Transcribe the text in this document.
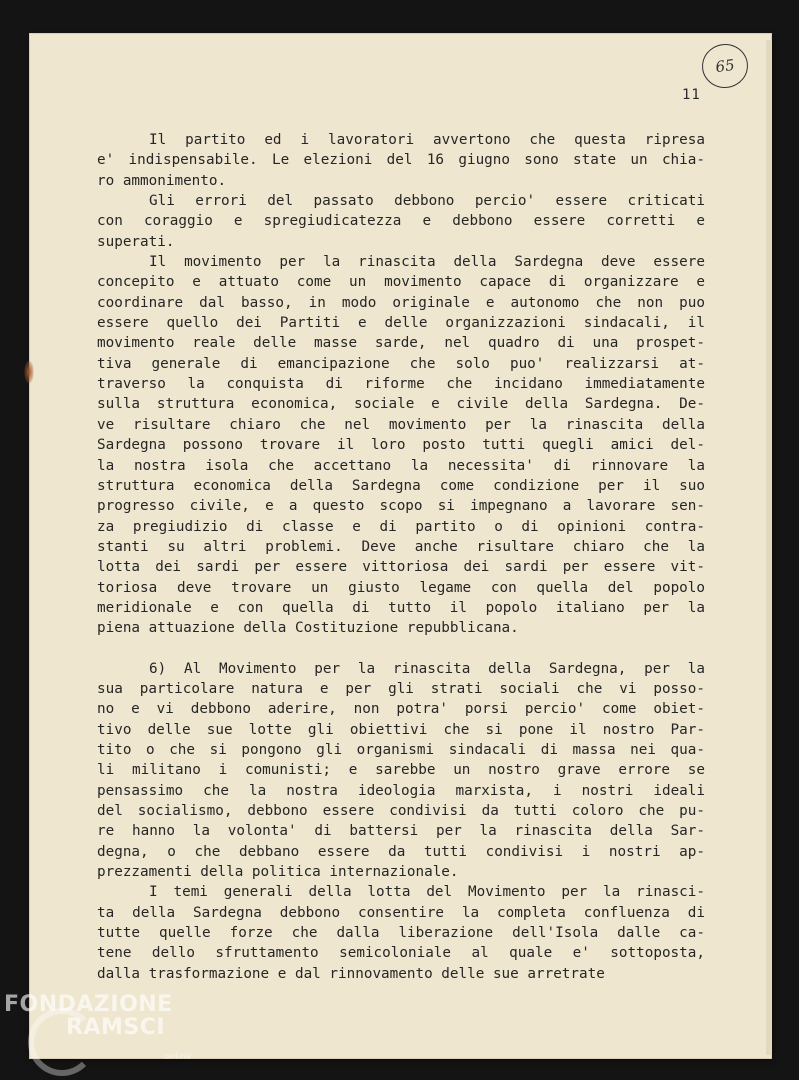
65
11

Il partito ed i lavoratori avvertono che questa ripresa
e' indispensabile. Le elezioni del 16 giugno sono state un chia-
ro ammonimento.

Gli errori del passato debbono percio' essere criticati
con coraggio e spregiudicatezza e debbono essere corretti e
superati.

Il movimento per la rinascita della Sardegna deve essere
concepito e attuato come un movimento capace di organizzare e
coordinare dal basso, in modo originale e autonomo che non puo
essere quello dei Partiti e delle organizzazioni sindacali, il
movimento reale delle masse sarde, nel quadro di una prospet-
tiva generale di emancipazione che solo puo' realizzarsi at-
traverso la conquista di riforme che incidano immediatamente
sulla struttura economica, sociale e civile della Sardegna. De-
ve risultare chiaro che nel movimento per la rinascita della
Sardegna possono trovare il loro posto tutti quegli amici del-
la nostra isola che accettano la necessita' di rinnovare la
struttura economica della Sardegna come condizione per il suo
progresso civile, e a questo scopo si impegnano a lavorare sen-
za pregiudizio di classe e di partito o di opinioni contra-
stanti su altri problemi. Deve anche risultare chiaro che la
lotta dei sardi per essere vittoriosa dei sardi per essere vit-
toriosa deve trovare un giusto legame con quella del popolo
meridionale e con quella di tutto il popolo italiano per la
piena attuazione della Costituzione repubblicana.

6) Al Movimento per la rinascita della Sardegna, per la
sua particolare natura e per gli strati sociali che vi posso-
no e vi debbono aderire, non potra' porsi percio' come obiet-
tivo delle sue lotte gli obiettivi che si pone il nostro Par-
tito o che si pongono gli organismi sindacali di massa nei qua-
li militano i comunisti; e sarebbe un nostro grave errore se
pensassimo che la nostra ideologia marxista, i nostri ideali
del socialismo, debbono essere condivisi da tutti coloro che pu-
re hanno la volonta' di battersi per la rinascita della Sar-
degna, o che debbano essere da tutti condivisi i nostri ap-
prezzamenti della politica internazionale.

I temi generali della lotta del Movimento per la rinasci-
ta della Sardegna debbono consentire la completa confluenza di
tutte quelle forze che dalla liberazione dell'Isola dalle ca-
tene dello sfruttamento semicoloniale al quale e' sottoposta,
dalla trasformazione e dal rinnovamento delle sue arretrate

FONDAZIONE
RAMSCI
online
